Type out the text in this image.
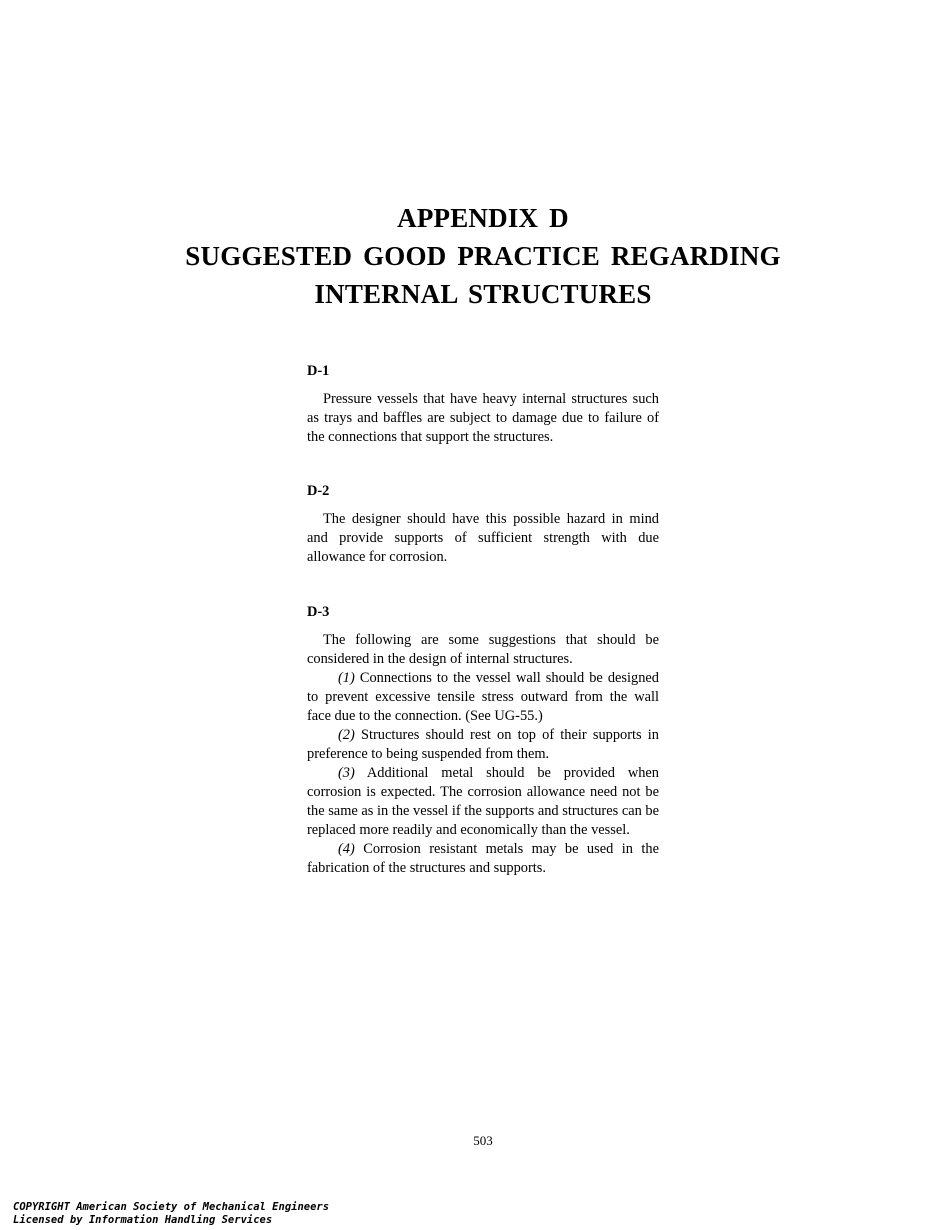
APPENDIX D
SUGGESTED GOOD PRACTICE REGARDING
INTERNAL STRUCTURES
D-1

Pressure vessels that have heavy internal structures such as trays and baffles are subject to damage due to failure of the connections that support the structures.

D-2

The designer should have this possible hazard in mind and provide supports of sufficient strength with due allowance for corrosion.

D-3

The following are some suggestions that should be considered in the design of internal structures.

(1) Connections to the vessel wall should be designed to prevent excessive tensile stress outward from the wall face due to the connection. (See UG-55.)

(2) Structures should rest on top of their supports in preference to being suspended from them.

(3) Additional metal should be provided when corrosion is expected. The corrosion allowance need not be the same as in the vessel if the supports and structures can be replaced more readily and economically than the vessel.

(4) Corrosion resistant metals may be used in the fabrication of the structures and supports.

503
COPYRIGHT American Society of Mechanical Engineers
Licensed by Information Handling Services
